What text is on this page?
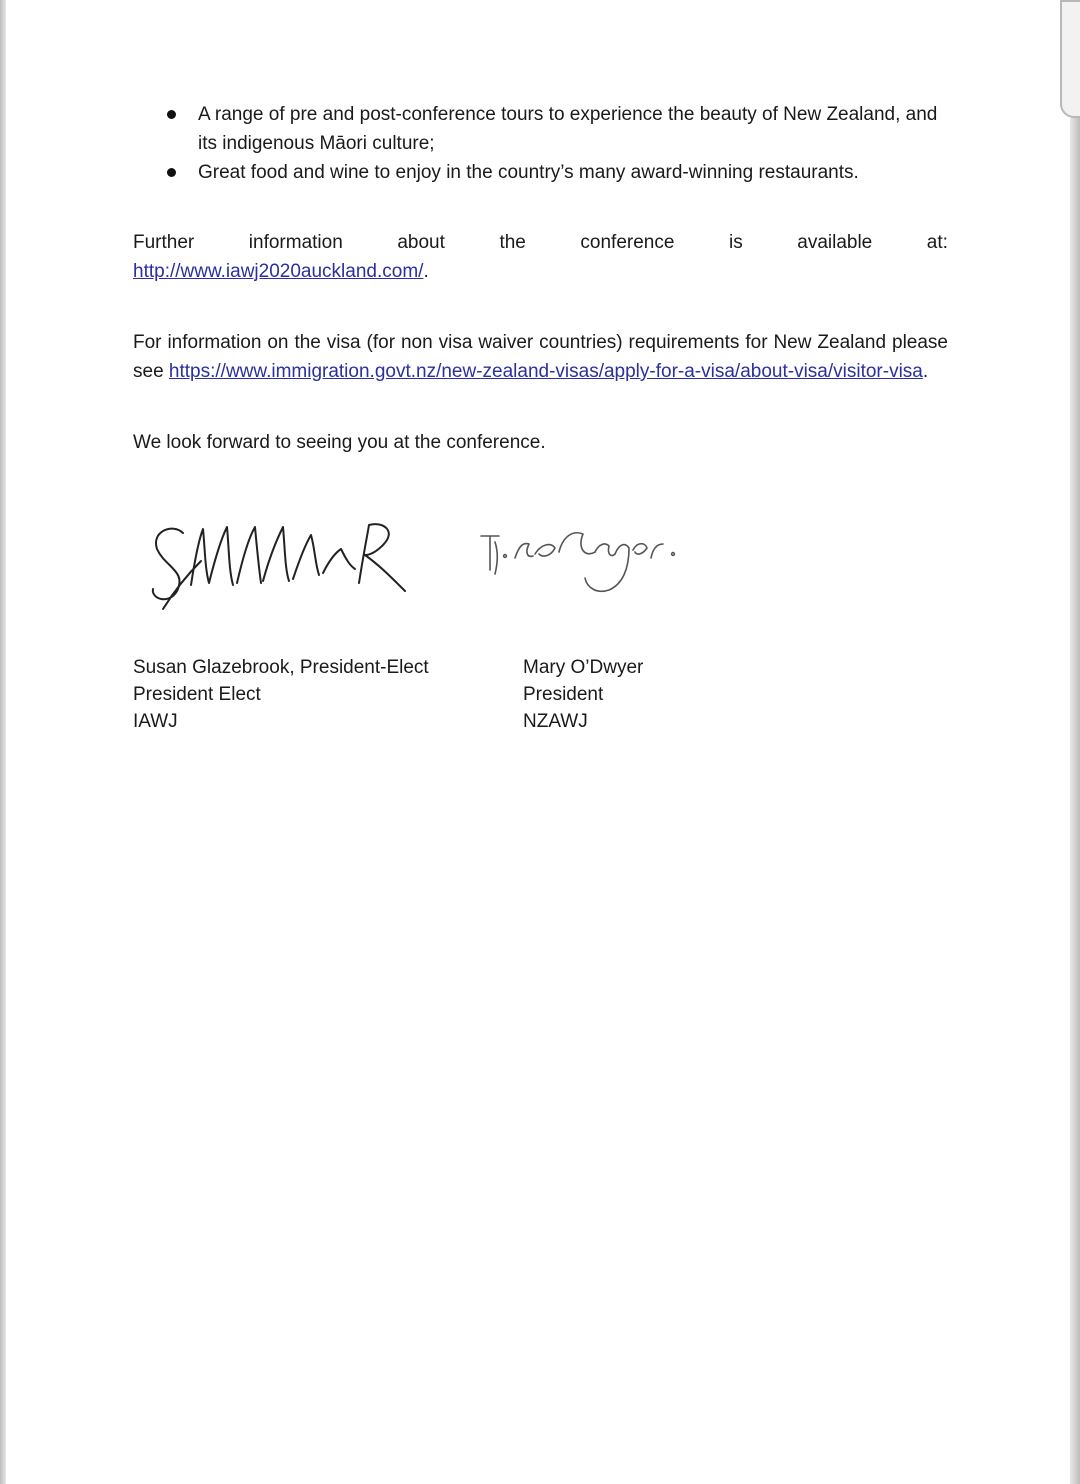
A range of pre and post-conference tours to experience the beauty of New Zealand, and its indigenous Māori culture;
Great food and wine to enjoy in the country’s many award-winning restaurants.
Further	information	about	the	conference	is	available	at:
http://www.iawj2020auckland.com/.

For information on the visa (for non visa waiver countries) requirements for New Zealand please see https://www.immigration.govt.nz/new-zealand-visas/apply-for-a-visa/about-visa/visitor-visa.

We look forward to seeing you at the conference.

Susan Glazebrook, President-Elect
President Elect
IAWJ
Mary O’Dwyer
President
NZAWJ
